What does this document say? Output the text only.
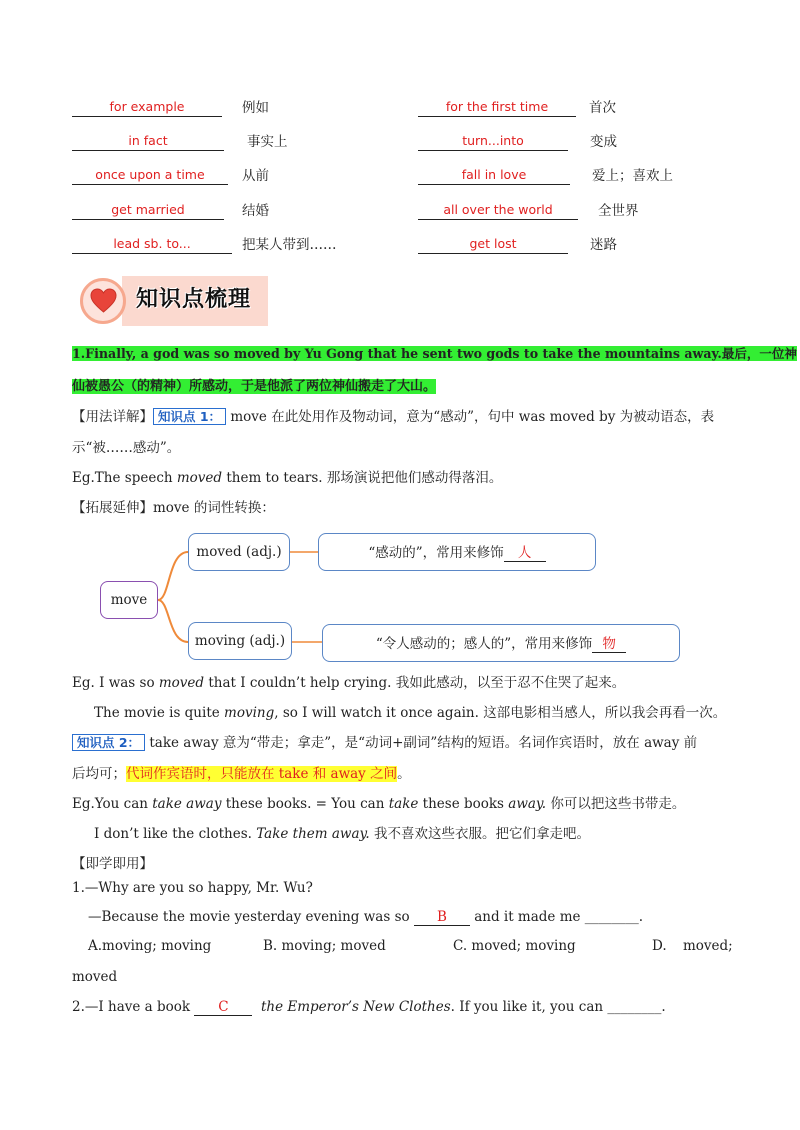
for example	例如	for the first time	首次
in fact	事实上	turn...into	变成
once upon a time	从前	fall in love	爱上；喜欢上
get married	结婚	all over the world	全世界
lead sb. to...	把某人带到……	get lost	迷路
知识点梳理
1.Finally, a god was so moved by Yu Gong that he sent two gods to take the mountains away.最后，一位神
仙被愚公（的精神）所感动，于是他派了两位神仙搬走了大山。
【用法详解】 知识点 1： move 在此处用作及物动词，意为“感动”，句中 was moved by 为被动语态，表
示“被……感动”。
Eg.The speech moved them to tears. 那场演说把他们感动得落泪。
【拓展延伸】move 的词性转换：
move
moved (adj.)
moving (adj.)
“感动的”，常用来修饰 人
“令人感动的；感人的”，常用来修饰 物
Eg. I was so moved that I couldn’t help crying. 我如此感动，以至于忍不住哭了起来。
The movie is quite moving, so I will watch it once again. 这部电影相当感人，所以我会再看一次。
知识点 2： take away 意为“带走；拿走”，是“动词+副词”结构的短语。名词作宾语时，放在 away 前
后均可；代词作宾语时，只能放在 take 和 away 之间。
Eg.You can take away these books. = You can take these books away. 你可以把这些书带走。
I don’t like the clothes. Take them away. 我不喜欢这些衣服。把它们拿走吧。
【即学即用】
1.—Why are you so happy, Mr. Wu?
—Because the movie yesterday evening was so B and it made me ________.
A.moving; moving	B. moving; moved	C. moved; moving	D. moved;
moved
2.—I have a book C the Emperor’s New Clothes. If you like it, you can ________.
